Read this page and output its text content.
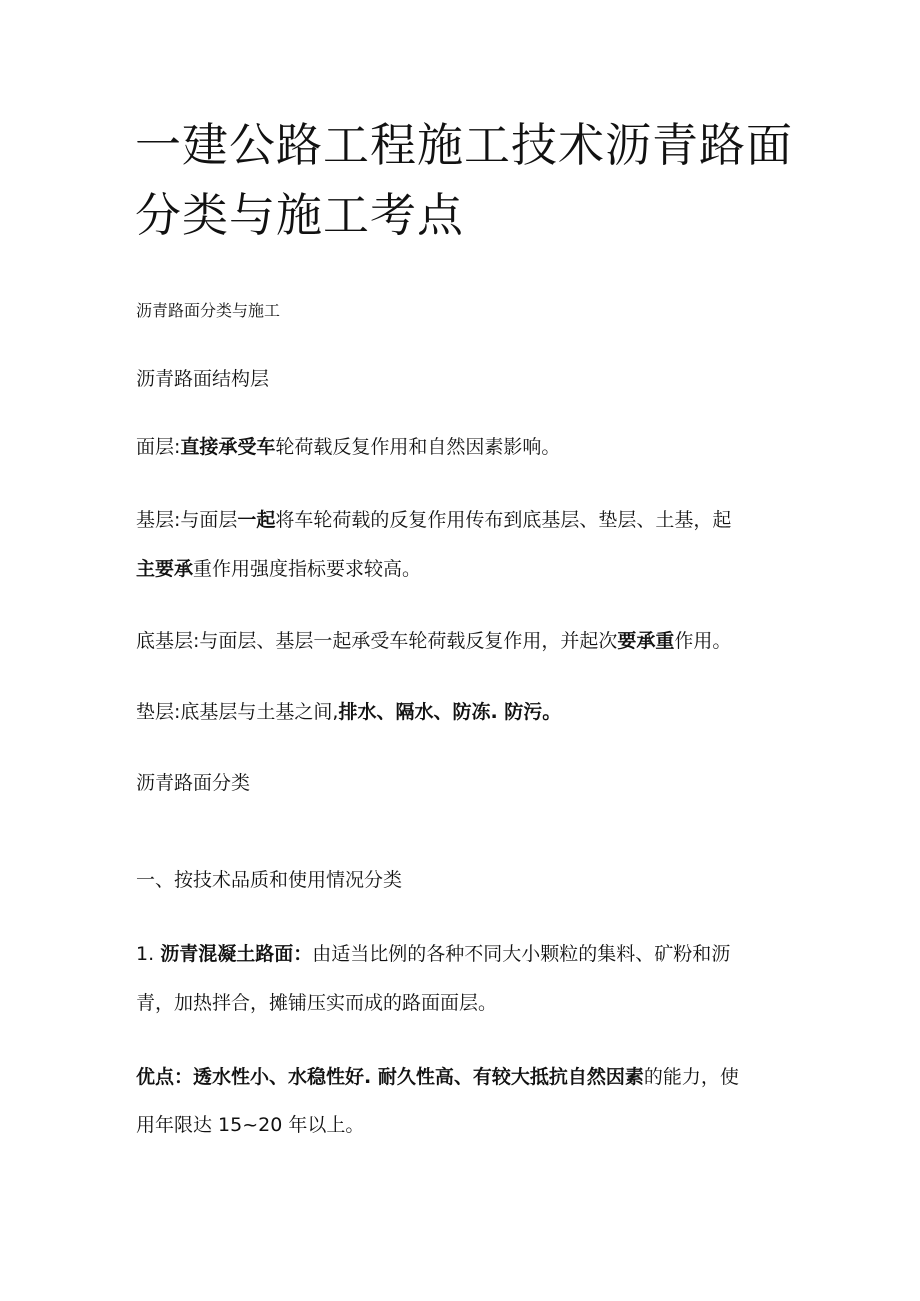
一建公路工程施工技术沥青路面
分类与施工考点
沥青路面分类与施工
沥青路面结构层
面层:直接承受车轮荷载反复作用和自然因素影响。
基层:与面层一起将车轮荷载的反复作用传布到底基层、垫层、土基，起
主要承重作用强度指标要求较高。
底基层:与面层、基层一起承受车轮荷载反复作用，并起次要承重作用。
垫层:底基层与土基之间,排水、隔水、防冻. 防污。
沥青路面分类
一、按技术品质和使用情况分类
1. 沥青混凝土路面：由适当比例的各种不同大小颗粒的集料、矿粉和沥
青，加热拌合，摊铺压实而成的路面面层。
优点：透水性小、水稳性好. 耐久性高、有较大抵抗自然因素的能力，使
用年限达 15~20 年以上。
